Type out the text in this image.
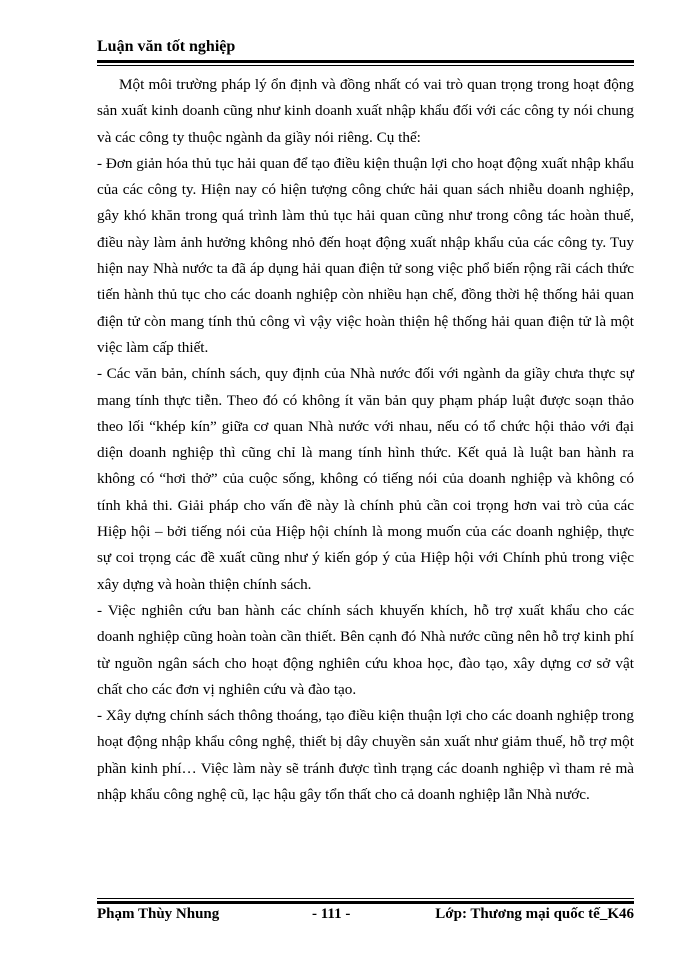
Luận văn tốt nghiệp

Một môi trường pháp lý ổn định và đồng nhất có vai trò quan trọng trong hoạt động sản xuất kinh doanh cũng như kinh doanh xuất nhập khẩu đối với các công ty nói chung và các công ty thuộc ngành da giầy nói riêng. Cụ thể:

- Đơn giản hóa thủ tục hải quan để tạo điều kiện thuận lợi cho hoạt động xuất nhập khẩu của các công ty. Hiện nay có hiện tượng công chức hải quan sách nhiễu doanh nghiệp, gây khó khăn trong quá trình làm thủ tục hải quan cũng như trong công tác hoàn thuế, điều này làm ảnh hưởng không nhỏ đến hoạt động xuất nhập khẩu của các công ty. Tuy hiện nay Nhà nước ta đã áp dụng hải quan điện tử song việc phổ biến rộng rãi cách thức tiến hành thủ tục cho các doanh nghiệp còn nhiều hạn chế, đồng thời hệ thống hải quan điện tử còn mang tính thủ công vì vậy việc hoàn thiện hệ thống hải quan điện tử là một việc làm cấp thiết.

- Các văn bản, chính sách, quy định của Nhà nước đối với ngành da giầy chưa thực sự mang tính thực tiễn. Theo đó có không ít văn bản quy phạm pháp luật được soạn thảo theo lối “khép kín” giữa cơ quan Nhà nước với nhau, nếu có tổ chức hội thảo với đại diện doanh nghiệp thì cũng chỉ là mang tính hình thức. Kết quả là luật ban hành ra không có “hơi thở” của cuộc sống, không có tiếng nói của doanh nghiệp và không có tính khả thi. Giải pháp cho vấn đề này là chính phủ cần coi trọng hơn vai trò của các Hiệp hội – bởi tiếng nói của Hiệp hội chính là mong muốn của các doanh nghiệp, thực sự coi trọng các đề xuất cũng như ý kiến góp ý của Hiệp hội với Chính phủ trong việc xây dựng và hoàn thiện chính sách.

- Việc nghiên cứu ban hành các chính sách khuyến khích, hỗ trợ xuất khẩu cho các doanh nghiệp cũng hoàn toàn cần thiết. Bên cạnh đó Nhà nước cũng nên hỗ trợ kinh phí từ nguồn ngân sách cho hoạt động nghiên cứu khoa học, đào tạo, xây dựng cơ sở vật chất cho các đơn vị nghiên cứu và đào tạo.

- Xây dựng chính sách thông thoáng, tạo điều kiện thuận lợi cho các doanh nghiệp trong hoạt động nhập khẩu công nghệ, thiết bị dây chuyền sản xuất như giảm thuế, hỗ trợ một phần kinh phí… Việc làm này sẽ tránh được tình trạng các doanh nghiệp vì tham rẻ mà nhập khẩu công nghệ cũ, lạc hậu gây tổn thất cho cả doanh nghiệp lẫn Nhà nước.

Phạm Thùy Nhung	- 111 -	Lớp: Thương mại quốc tế_K46
